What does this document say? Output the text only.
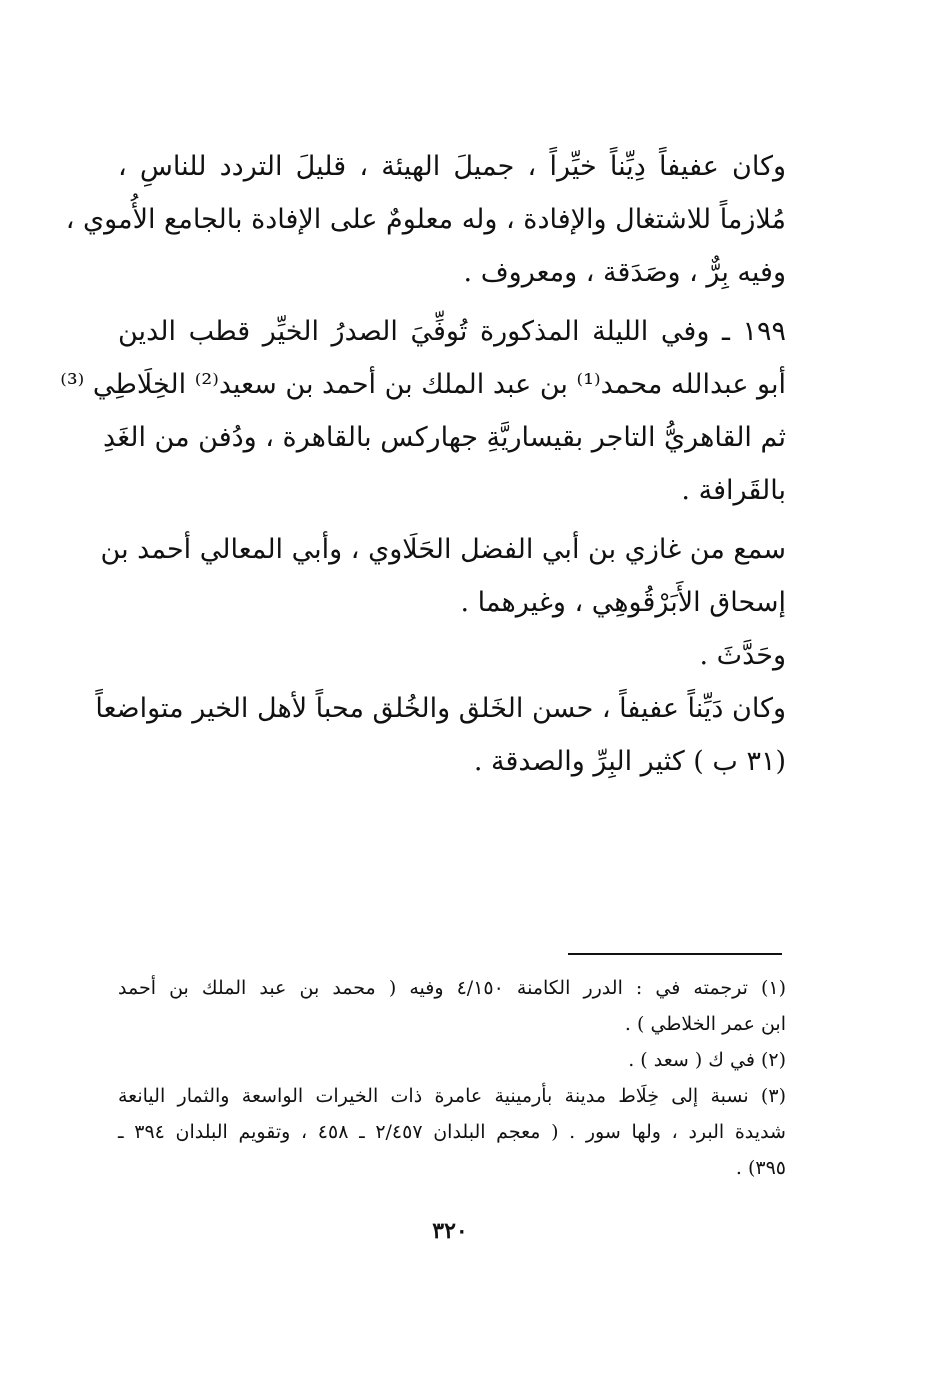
وكان عفيفاً دِيِّناً خيِّراً ، جميلَ الهيئة ، قليلَ التردد للناسِ ،
مُلازماً للاشتغال والإفادة ، وله معلومٌ على الإفادة بالجامع الأُموي ،
وفيه بِرٌّ ، وصَدَقة ، ومعروف .
١٩٩ ـ وفي الليلة المذكورة تُوفِّيَ الصدرُ الخيِّر قطب الدين
أبو عبدالله محمد⁽¹⁾ بن عبد الملك بن أحمد بن سعيد⁽²⁾ الخِلَاطِي ⁽³⁾
ثم القاهريُّ التاجر بقيساريَّةِ جهاركس بالقاهرة ، ودُفن من الغَدِ
بالقَرافة .
سمع من غازي بن أبي الفضل الحَلَاوي ، وأبي المعالي أحمد بن
إسحاق الأَبَرْقُوهِي ، وغيرهما .
وحَدَّثَ .
وكان دَيِّناً عفيفاً ، حسن الخَلق والخُلق محباً لأهل الخير متواضعاً
(٣١ ب ) كثير البِرِّ والصدقة .
(١) ترجمته في : الدرر الكامنة ٤/١٥٠ وفيه ( محمد بن عبد الملك بن أحمد
ابن عمر الخلاطي ) .
(٢) في ك ( سعد ) .
(٣) نسبة إلى خِلَاط مدينة بأرمينية عامرة ذات الخيرات الواسعة والثمار اليانعة
شديدة البرد ، ولها سور . ( معجم البلدان ٢/٤٥٧ ـ ٤٥٨ ، وتقويم البلدان ٣٩٤ ـ
٣٩٥) .
٣٢٠
